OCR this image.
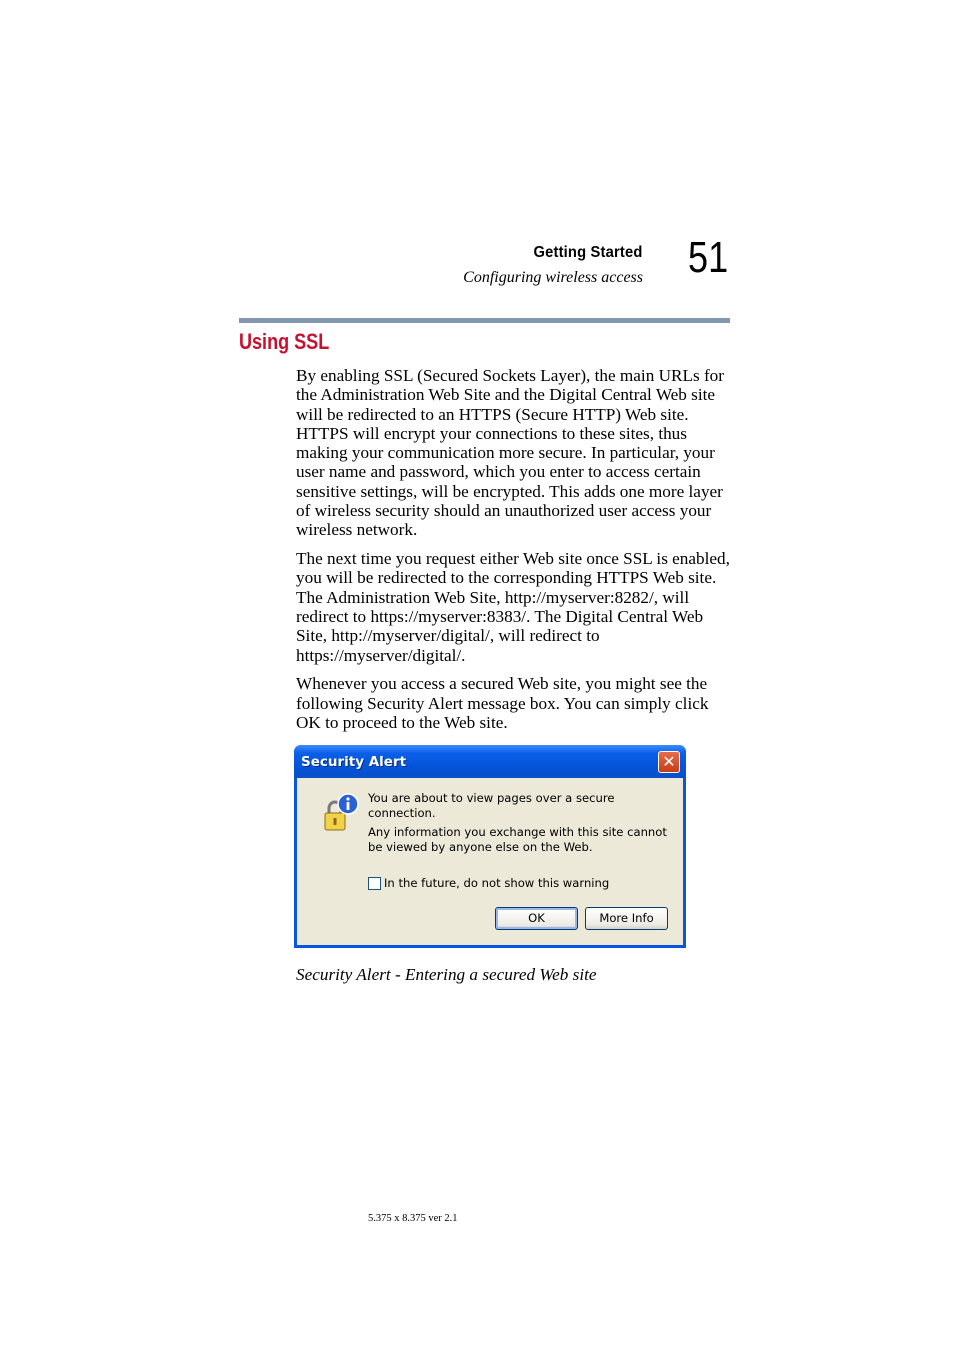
Getting Started
Configuring wireless access 51
Using SSL

By enabling SSL (Secured Sockets Layer), the main URLs for the Administration Web Site and the Digital Central Web site will be redirected to an HTTPS (Secure HTTP) Web site. HTTPS will encrypt your connections to these sites, thus making your communication more secure. In particular, your user name and password, which you enter to access certain sensitive settings, will be encrypted. This adds one more layer of wireless security should an unauthorized user access your wireless network.

The next time you request either Web site once SSL is enabled, you will be redirected to the corresponding HTTPS Web site. The Administration Web Site, http://myserver:8282/, will redirect to https://myserver:8383/. The Digital Central Web Site, http://myserver/digital/, will redirect to https://myserver/digital/.

Whenever you access a secured Web site, you might see the following Security Alert message box. You can simply click OK to proceed to the Web site.

Security Alert	✕
You are about to view pages over a secure connection.
Any information you exchange with this site cannot be viewed by anyone else on the Web.
In the future, do not show this warning
OK	More Info
Security Alert - Entering a secured Web site
5.375 x 8.375 ver 2.1
